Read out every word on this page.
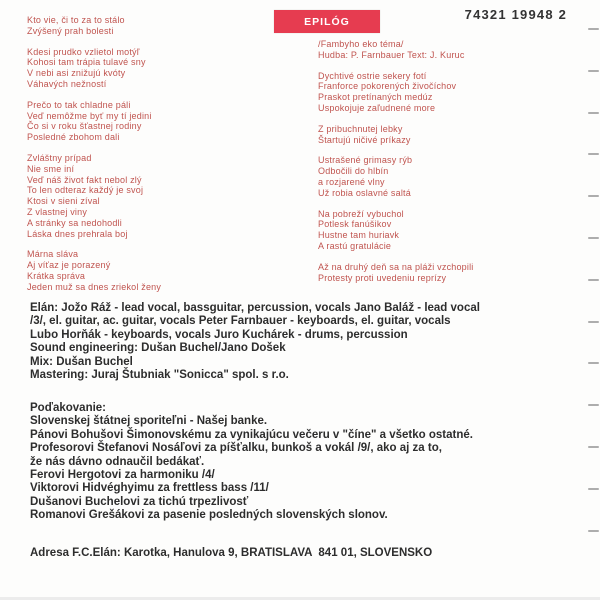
74321 19948 2
EPILÓG
Kto vie, či to za to stálo
Zvýšený prah bolesti
Kdesi prudko vzlietol motýľ
Kohosi tam trápia tulavé sny
V nebi asi znižujú kvóty
Váhavých nežností
Prečo to tak chladne páli
Veď nemôžme byť my tí jedini
Čo si v roku šťastnej rodiny
Posledné zbohom dali
Zvláštny prípad
Nie sme iní
Veď náš život fakt nebol zlý
To len odteraz každý je svoj
Ktosi v sieni zíval
Z vlastnej viny
A stránky sa nedohodli
Láska dnes prehrala boj
Márna sláva
Aj víťaz je porazený
Krátka správa
Jeden muž sa dnes zriekol ženy
/Fambyho eko téma/
Hudba: P. Farnbauer Text: J. Kuruc
Dychtivé ostrie sekery fotí
Franforce pokorených živočíchov
Praskot pretínaných medúz
Uspokojuje zaľudnené more
Z pribuchnutej lebky
Štartujú ničivé príkazy
Ustrašené grimasy rýb
Odbočili do hlbín
a rozjarené vlny
Už robia oslavné saltá
Na pobreží vybuchol
Potlesk fanúšikov
Hustne tam huriavk
A rastú gratulácie
Až na druhý deň sa na pláži vzchopili
Protesty proti uvedeniu reprízy
Elán: Jožo Ráž - lead vocal, bassguitar, percussion, vocals Jano Baláž - lead vocal
/3/, el. guitar, ac. guitar, vocals Peter Farnbauer - keyboards, el. guitar, vocals
Lubo Horňák - keyboards, vocals Juro Kuchárek - drums, percussion
Sound engineering: Dušan Buchel/Jano Došek
Mix: Dušan Buchel
Mastering: Juraj Štubniak "Sonicca" spol. s r.o.
Poďakovanie:
Slovenskej štátnej sporiteľni - Našej banke.
Pánovi Bohušovi Šimonovskému za vynikajúcu večeru v "číne" a všetko ostatné.
Profesorovi Štefanovi Nosáľovi za píšťalku, bunkoš a vokál /9/, ako aj za to,
že nás dávno odnaučil bedákať.
Ferovi Hergotovi za harmoniku /4/
Viktorovi Hidvéghyimu za frettless bass /11/
Dušanovi Buchelovi za tichú trpezlivosť
Romanovi Grešákovi za pasenie posledných slovenských slonov.
Adresa F.C.Elán: Karotka, Hanulova 9, BRATISLAVA  841 01, SLOVENSKO
